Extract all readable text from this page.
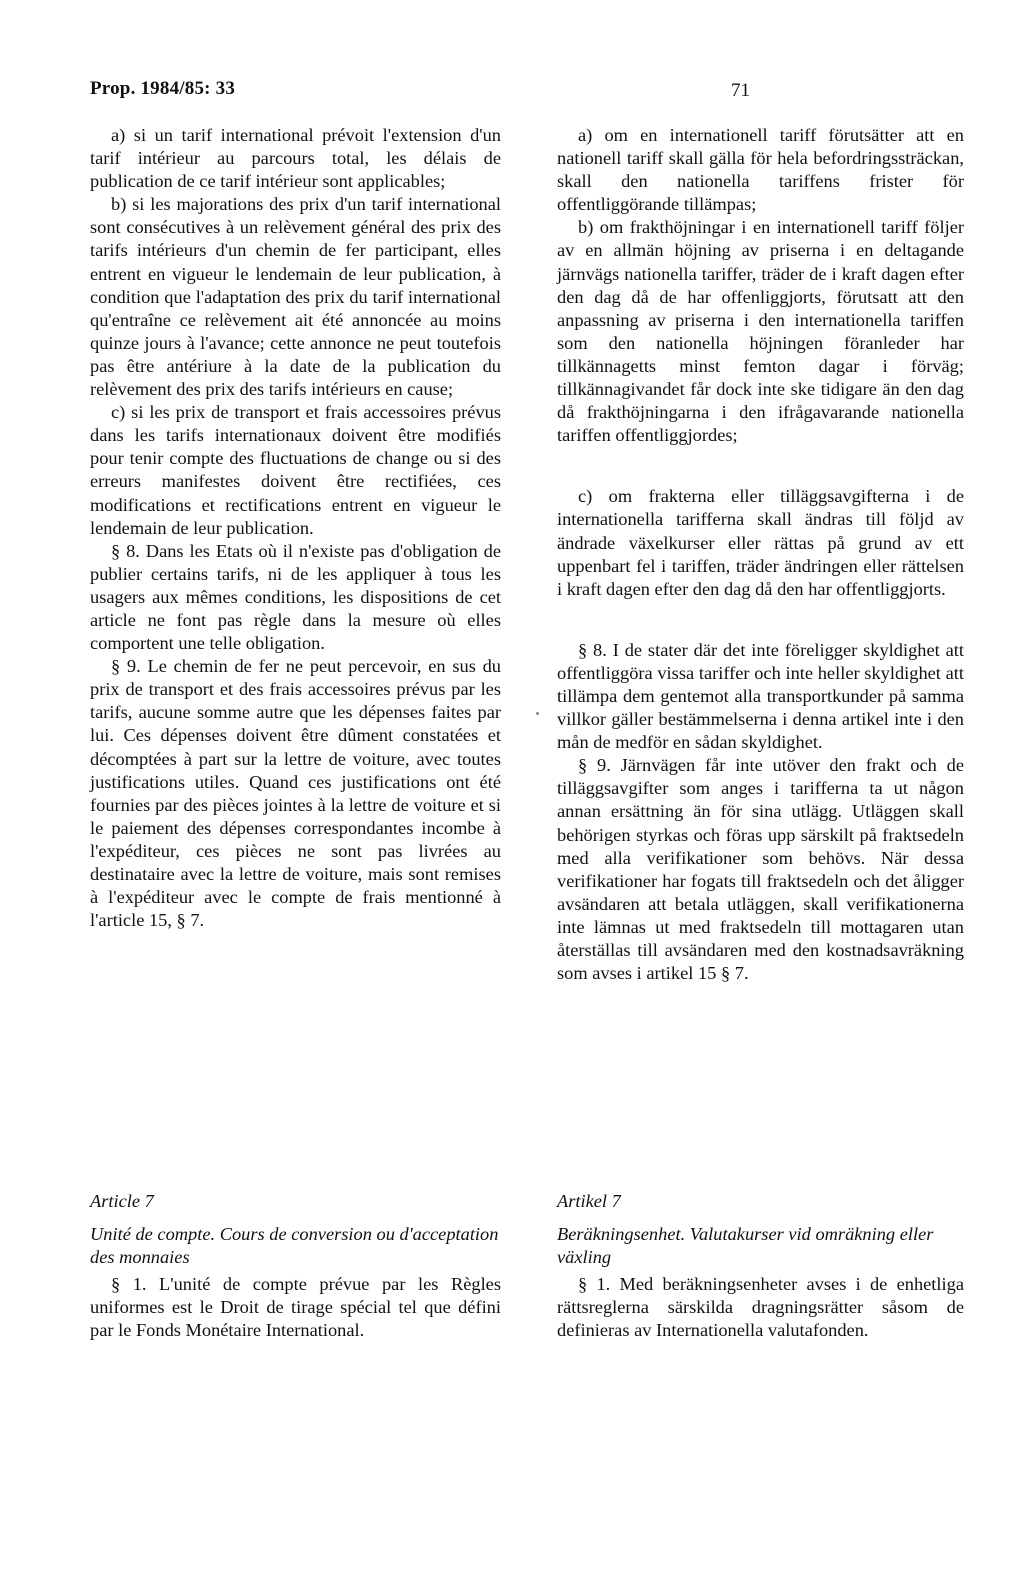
Prop. 1984/85: 33	71

a) si un tarif international prévoit l'extension d'un tarif intérieur au parcours total, les délais de publication de ce tarif intérieur sont applicables;

b) si les majorations des prix d'un tarif international sont consécutives à un relèvement général des prix des tarifs intérieurs d'un chemin de fer participant, elles entrent en vigueur le lendemain de leur publication, à condition que l'adaptation des prix du tarif international qu'entraîne ce relèvement ait été annoncée au moins quinze jours à l'avance; cette annonce ne peut toutefois pas être antériure à la date de la publication du relèvement des prix des tarifs intérieurs en cause;

c) si les prix de transport et frais accessoires prévus dans les tarifs internationaux doivent être modifiés pour tenir compte des fluctuations de change ou si des erreurs manifestes doivent être rectifiées, ces modifications et rectifications entrent en vigueur le lendemain de leur publication.

§ 8. Dans les Etats où il n'existe pas d'obligation de publier certains tarifs, ni de les appliquer à tous les usagers aux mêmes conditions, les dispositions de cet article ne font pas règle dans la mesure où elles comportent une telle obligation.

§ 9. Le chemin de fer ne peut percevoir, en sus du prix de transport et des frais accessoires prévus par les tarifs, aucune somme autre que les dépenses faites par lui. Ces dépenses doivent être dûment constatées et décomptées à part sur la lettre de voiture, avec toutes justifications utiles. Quand ces justifications ont été fournies par des pièces jointes à la lettre de voiture et si le paiement des dépenses correspondantes incombe à l'expéditeur, ces pièces ne sont pas livrées au destinataire avec la lettre de voiture, mais sont remises à l'expéditeur avec le compte de frais mentionné à l'article 15, § 7.

a) om en internationell tariff förutsätter att en nationell tariff skall gälla för hela befordringssträckan, skall den nationella tariffens frister för offentliggörande tillämpas;

b) om frakthöjningar i en internationell tariff följer av en allmän höjning av priserna i en deltagande järnvägs nationella tariffer, träder de i kraft dagen efter den dag då de har offenliggjorts, förutsatt att den anpassning av priserna i den internationella tariffen som den nationella höjningen föranleder har tillkännagetts minst femton dagar i förväg; tillkännagivandet får dock inte ske tidigare än den dag då frakthöjningarna i den ifrågavarande nationella tariffen offentliggjordes;

c) om frakterna eller tilläggsavgifterna i de internationella tarifferna skall ändras till följd av ändrade växelkurser eller rättas på grund av ett uppenbart fel i tariffen, träder ändringen eller rättelsen i kraft dagen efter den dag då den har offentliggjorts.

§ 8. I de stater där det inte föreligger skyldighet att offentliggöra vissa tariffer och inte heller skyldighet att tillämpa dem gentemot alla transportkunder på samma villkor gäller bestämmelserna i denna artikel inte i den mån de medför en sådan skyldighet.

§ 9. Järnvägen får inte utöver den frakt och de tilläggsavgifter som anges i tarifferna ta ut någon annan ersättning än för sina utlägg. Utläggen skall behörigen styrkas och föras upp särskilt på fraktsedeln med alla verifikationer som behövs. När dessa verifikationer har fogats till fraktsedeln och det åligger avsändaren att betala utläggen, skall verifikationerna inte lämnas ut med fraktsedeln till mottagaren utan återställas till avsändaren med den kostnadsavräkning som avses i artikel 15 § 7.

Article 7

Unité de compte. Cours de conversion ou d'acceptation des monnaies

§ 1. L'unité de compte prévue par les Règles uniformes est le Droit de tirage spécial tel que défini par le Fonds Monétaire International.

Artikel 7

Beräkningsenhet. Valutakurser vid omräkning eller växling

§ 1. Med beräkningsenheter avses i de enhetliga rättsreglerna särskilda dragningsrätter såsom de definieras av Internationella valutafonden.
